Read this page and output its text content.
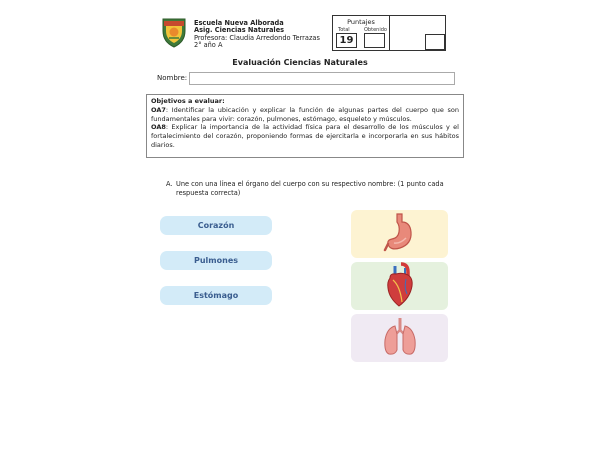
Escuela Nueva Alborada
Asig. Ciencias Naturales
Profesora: Claudia Arredondo Terrazas
2° año A
Puntajes
Total	Obtenido
19
Evaluación Ciencias Naturales
Nombre:

Objetivos a evaluar:

OA7: Identificar la ubicación y explicar la función de algunas partes del cuerpo que son fundamentales para vivir: corazón, pulmones, estómago, esqueleto y músculos.

OA8: Explicar la importancia de la actividad física para el desarrollo de los músculos y el fortalecimiento del corazón, proponiendo formas de ejercitarla e incorporarla en sus hábitos diarios.

A. Une con una línea el órgano del cuerpo con su respectivo nombre: (1 punto cada respuesta correcta)
Corazón
Pulmones
Estómago
